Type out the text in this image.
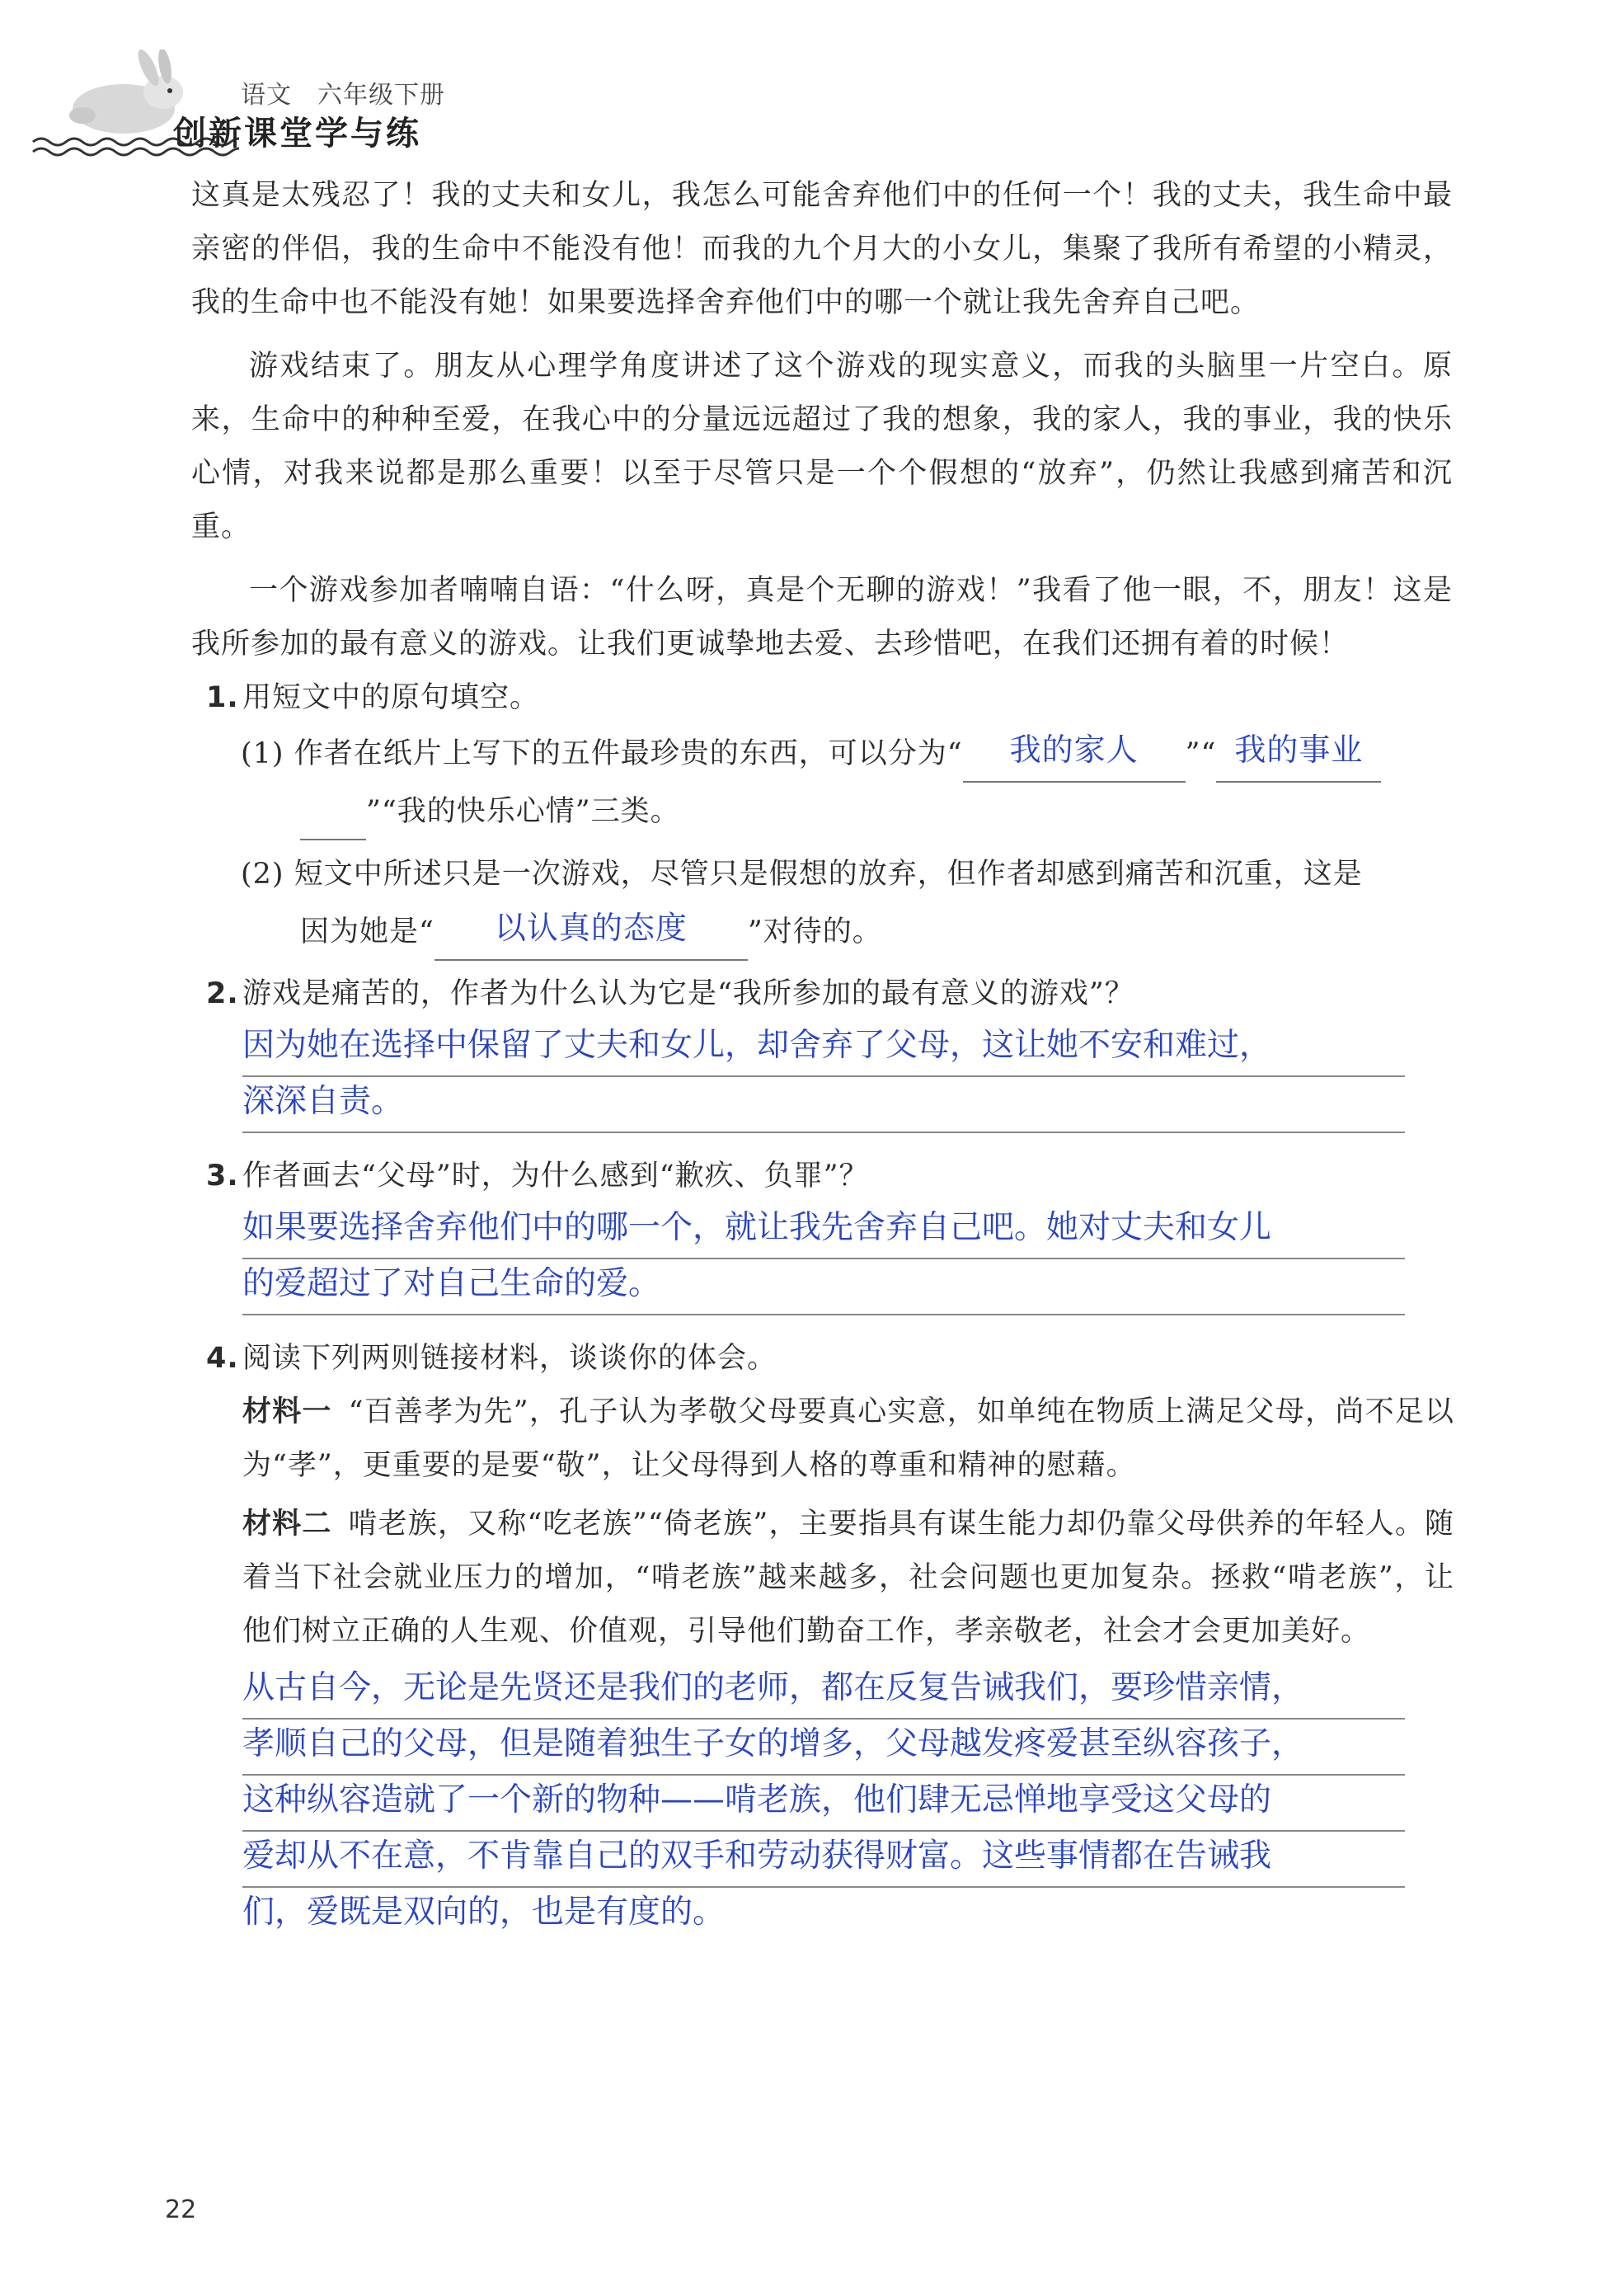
语文　六年级下册
创新课堂学与练

这真是太残忍了！我的丈夫和女儿，我怎么可能舍弃他们中的任何一个！我的丈夫，我生命中最亲密的伴侣，我的生命中不能没有他！而我的九个月大的小女儿，集聚了我所有希望的小精灵，我的生命中也不能没有她！如果要选择舍弃他们中的哪一个就让我先舍弃自己吧。

游戏结束了。朋友从心理学角度讲述了这个游戏的现实意义，而我的头脑里一片空白。原来，生命中的种种至爱，在我心中的分量远远超过了我的想象，我的家人，我的事业，我的快乐心情，对我来说都是那么重要！以至于尽管只是一个个假想的“放弃”，仍然让我感到痛苦和沉重。

一个游戏参加者喃喃自语：“什么呀，真是个无聊的游戏！”我看了他一眼，不，朋友！这是我所参加的最有意义的游戏。让我们更诚挚地去爱、去珍惜吧，在我们还拥有着的时候！

1. 用短文中的原句填空。
(1) 作者在纸片上写下的五件最珍贵的东西，可以分为“ 我的家人 ”“ 我的事业
”“我的快乐心情”三类。
(2) 短文中所述只是一次游戏，尽管只是假想的放弃，但作者却感到痛苦和沉重，这是
因为她是“ 以认真的态度 ”对待的。
2. 游戏是痛苦的，作者为什么认为它是“我所参加的最有意义的游戏”？
因为她在选择中保留了丈夫和女儿，却舍弃了父母，这让她不安和难过，
深深自责。
3. 作者画去“父母”时，为什么感到“歉疚、负罪”？
如果要选择舍弃他们中的哪一个，就让我先舍弃自己吧。她对丈夫和女儿
的爱超过了对自己生命的爱。
4. 阅读下列两则链接材料，谈谈你的体会。

材料一 “百善孝为先”，孔子认为孝敬父母要真心实意，如单纯在物质上满足父母，尚不足以为“孝”，更重要的是要“敬”，让父母得到人格的尊重和精神的慰藉。

材料二 啃老族，又称“吃老族”“倚老族”，主要指具有谋生能力却仍靠父母供养的年轻人。随着当下社会就业压力的增加，“啃老族”越来越多，社会问题也更加复杂。拯救“啃老族”，让他们树立正确的人生观、价值观，引导他们勤奋工作，孝亲敬老，社会才会更加美好。

从古自今，无论是先贤还是我们的老师，都在反复告诫我们，要珍惜亲情，
孝顺自己的父母，但是随着独生子女的增多，父母越发疼爱甚至纵容孩子，
这种纵容造就了一个新的物种——啃老族，他们肆无忌惮地享受这父母的
爱却从不在意，不肯靠自己的双手和劳动获得财富。这些事情都在告诫我
们，爱既是双向的，也是有度的。
22
